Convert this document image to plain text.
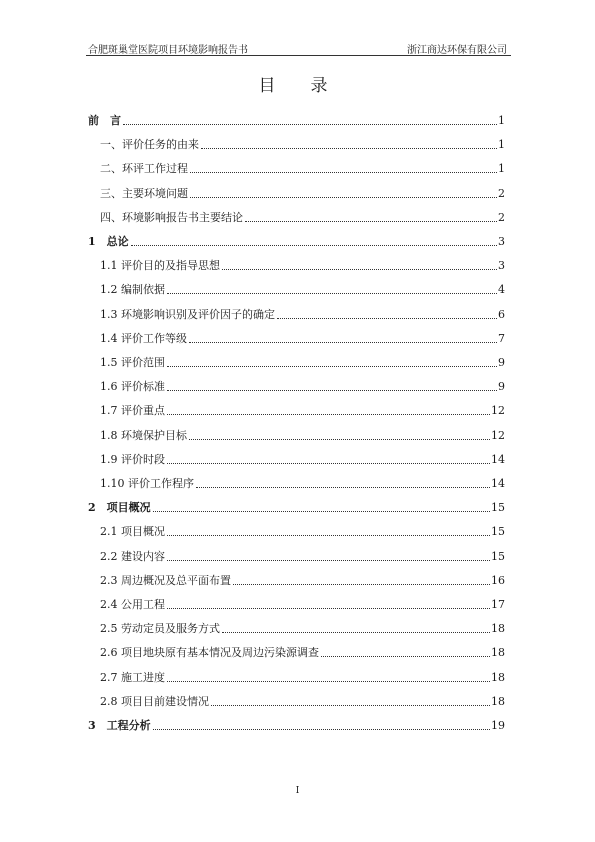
合肥斑巢堂医院项目环境影响报告书	浙江商达环保有限公司
目　录
前　言	1
一、评价任务的由来	1
二、环评工作过程	1
三、主要环境问题	2
四、环境影响报告书主要结论	2
1　总论	3
1.1 评价目的及指导思想	3
1.2 编制依据	4
1.3 环境影响识别及评价因子的确定	6
1.4 评价工作等级	7
1.5 评价范围	9
1.6 评价标准	9
1.7 评价重点	12
1.8 环境保护目标	12
1.9 评价时段	14
1.10 评价工作程序	14
2　项目概况	15
2.1 项目概况	15
2.2 建设内容	15
2.3 周边概况及总平面布置	16
2.4 公用工程	17
2.5 劳动定员及服务方式	18
2.6 项目地块原有基本情况及周边污染源调查	18
2.7 施工进度	18
2.8 项目目前建设情况	18
3　工程分析	19
I
